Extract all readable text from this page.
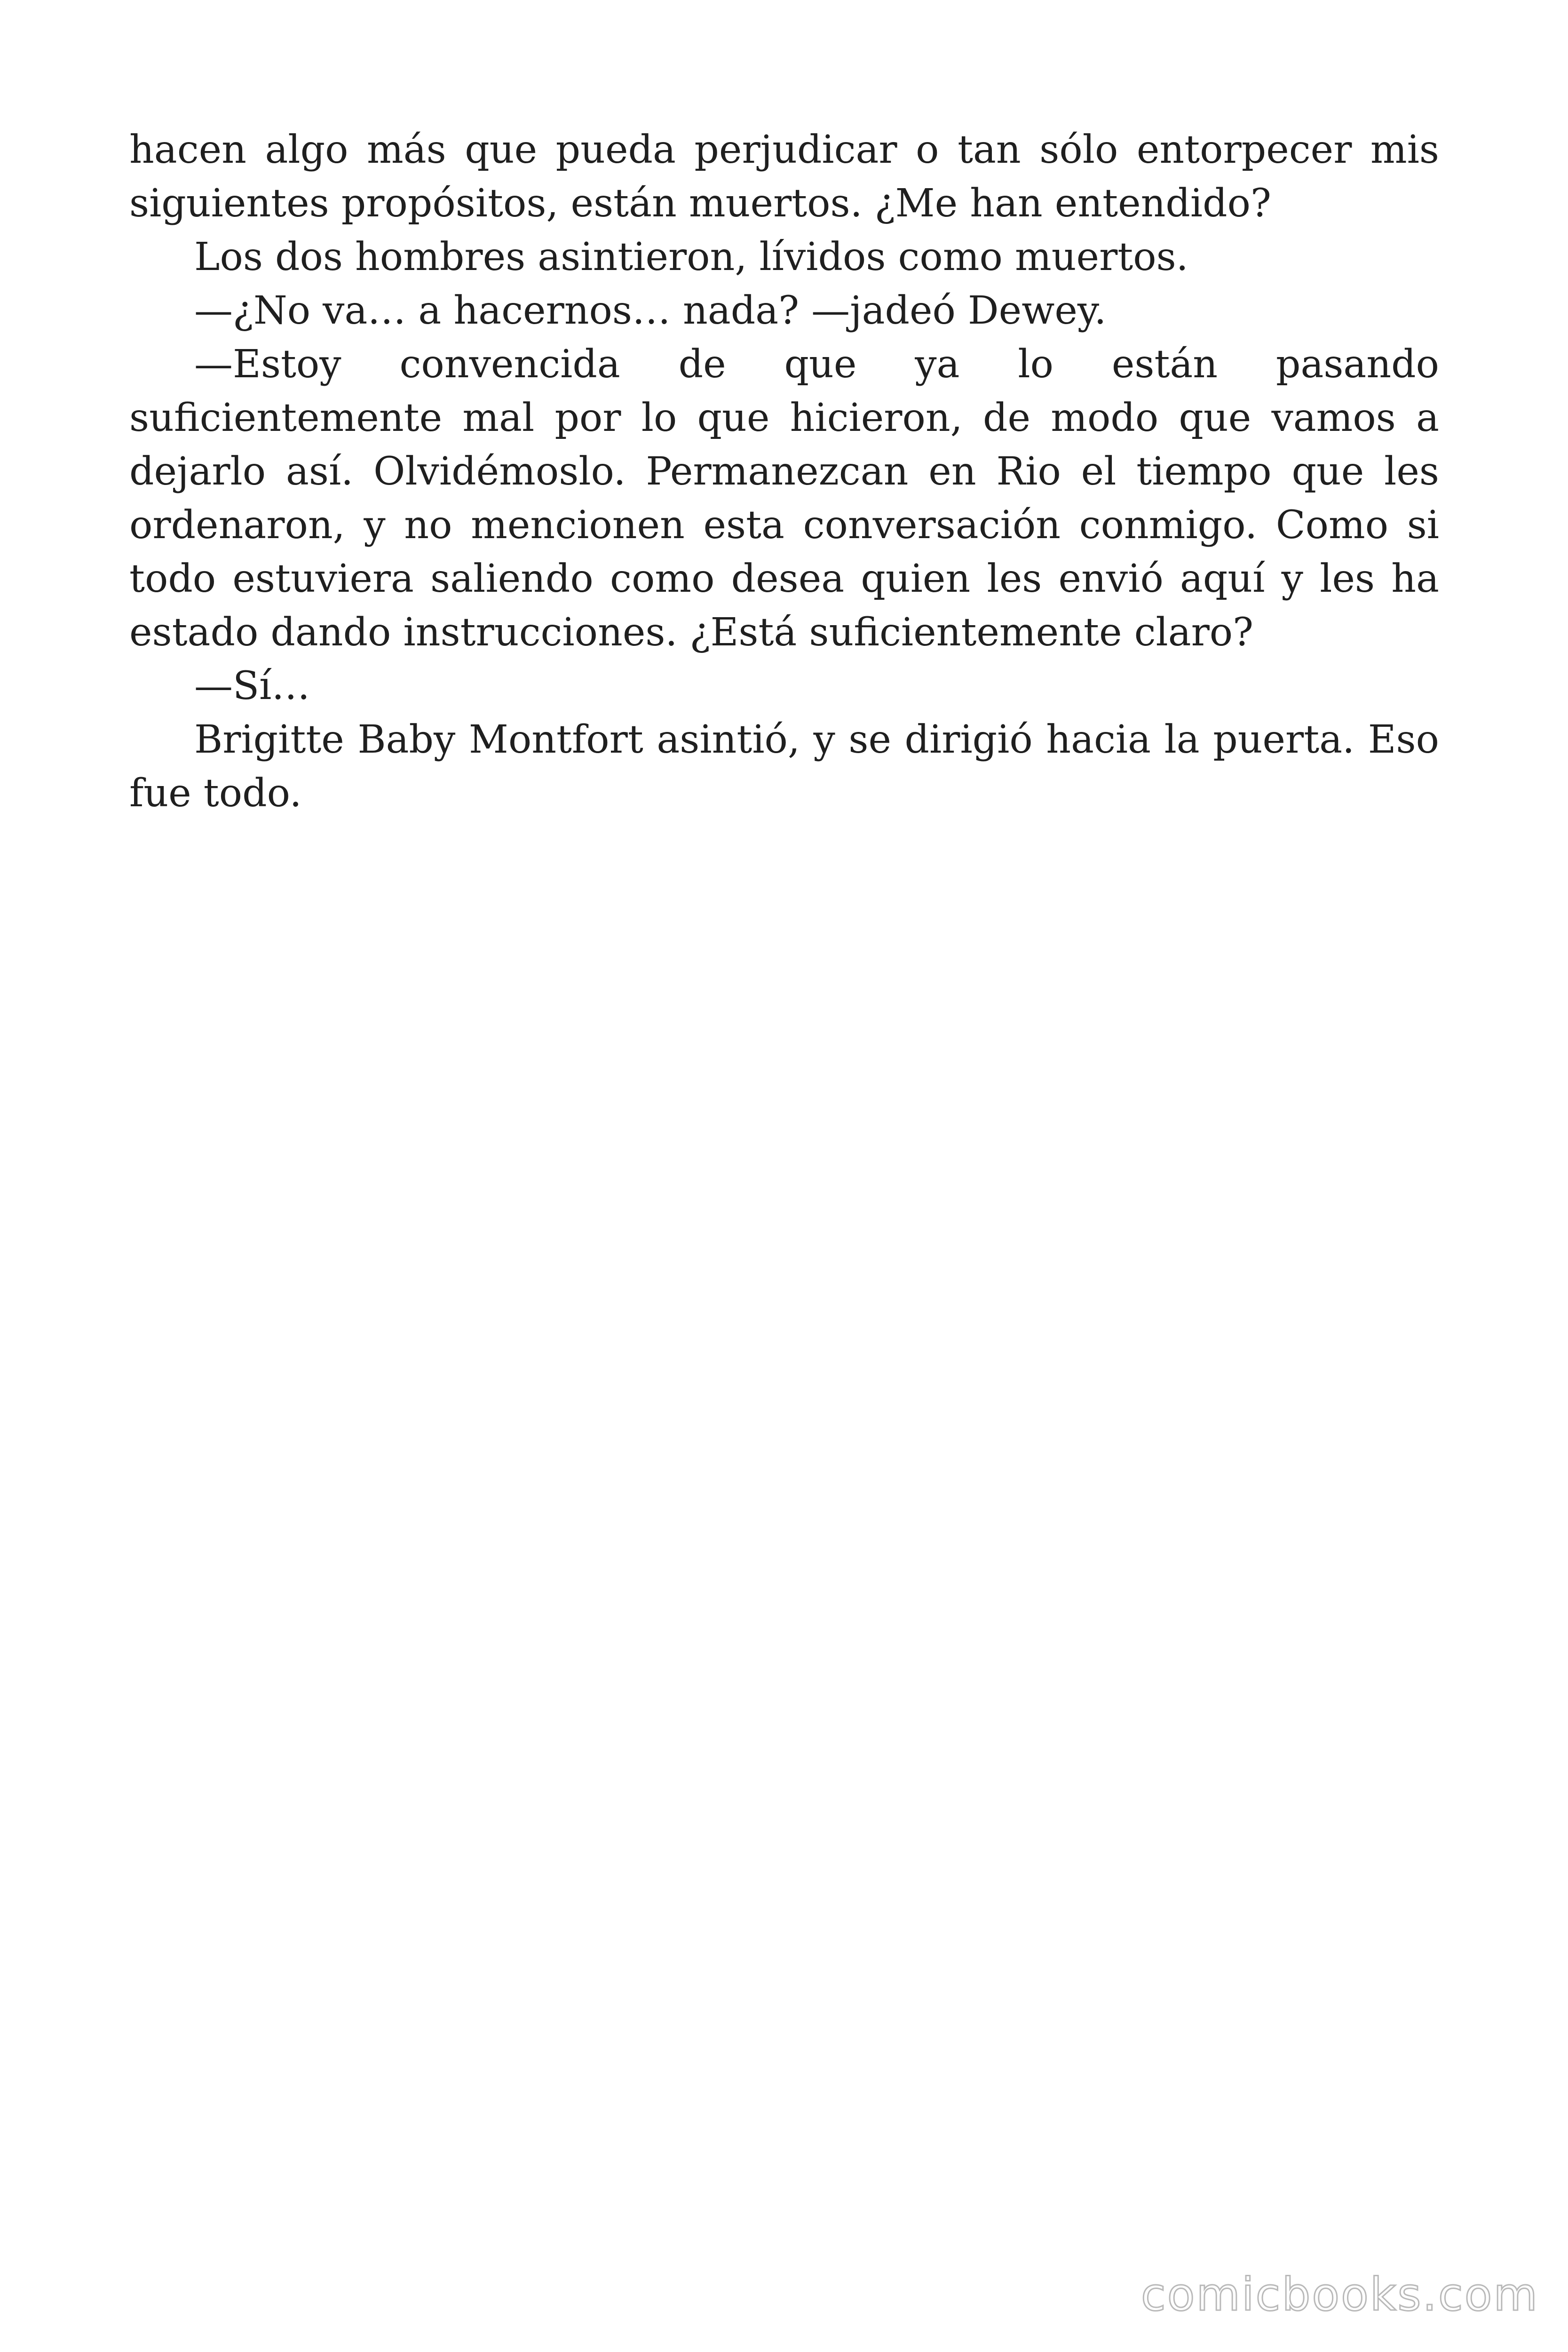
hacen algo más que pueda perjudicar o tan sólo entorpecer mis siguientes propósitos, están muertos. ¿Me han entendido?

Los dos hombres asintieron, lívidos como muertos.

—¿No va… a hacernos… nada? —jadeó Dewey.

—Estoy convencida de que ya lo están pasando suficientemente mal por lo que hicieron, de modo que vamos a dejarlo así. Olvidémoslo. Permanezcan en Rio el tiempo que les ordenaron, y no mencionen esta conversación conmigo. Como si todo estuviera saliendo como desea quien les envió aquí y les ha estado dando instrucciones. ¿Está suficientemente claro?

—Sí…

Brigitte Baby Montfort asintió, y se dirigió hacia la puerta. Eso fue todo.

comicbooks.com
